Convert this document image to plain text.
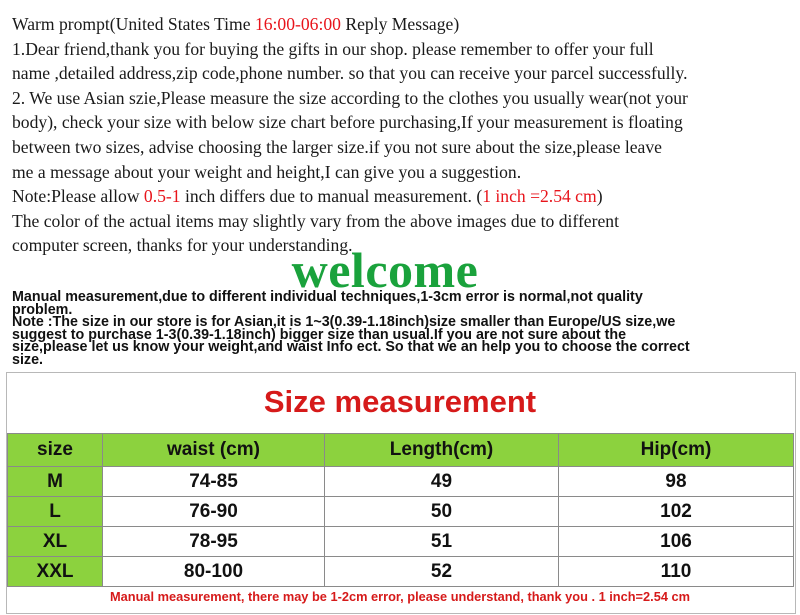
Warm prompt(United States Time 16:00-06:00 Reply Message)
1.Dear friend,thank you for buying the gifts in our shop. please remember to offer your full
name ,detailed address,zip code,phone number. so that you can receive your parcel successfully.
2. We use Asian szie,Please measure the size according to the clothes you usually wear(not your
body), check your size with below size chart before purchasing,If your measurement is floating
between two sizes, advise choosing the larger size.if you not sure about the size,please leave
me a message about your weight and height,I can give you a suggestion.
Note:Please allow 0.5-1 inch differs due to manual measurement. (1 inch =2.54 cm)
The color of the actual items may slightly vary from the above images due to different
computer screen, thanks for your understanding.
welcome

Manual measurement,due to different individual techniques,1-3cm error is normal,not quality

problem.

Note :The size in our store is for Asian,it is 1~3(0.39-1.18inch)size smaller than Europe/US size,we

suggest to purchase 1-3(0.39-1.18inch) bigger size than usual.If you are not sure about the

size,please let us know your weight,and waist Info ect. So that we an help you to choose the correct

size.

Size measurement
size	waist (cm)	Length(cm)	Hip(cm)
M	74-85	49	98
L	76-90	50	102
XL	78-95	51	106
XXL	80-100	52	110
Manual measurement, there may be 1-2cm error, please understand, thank you . 1 inch=2.54 cm
